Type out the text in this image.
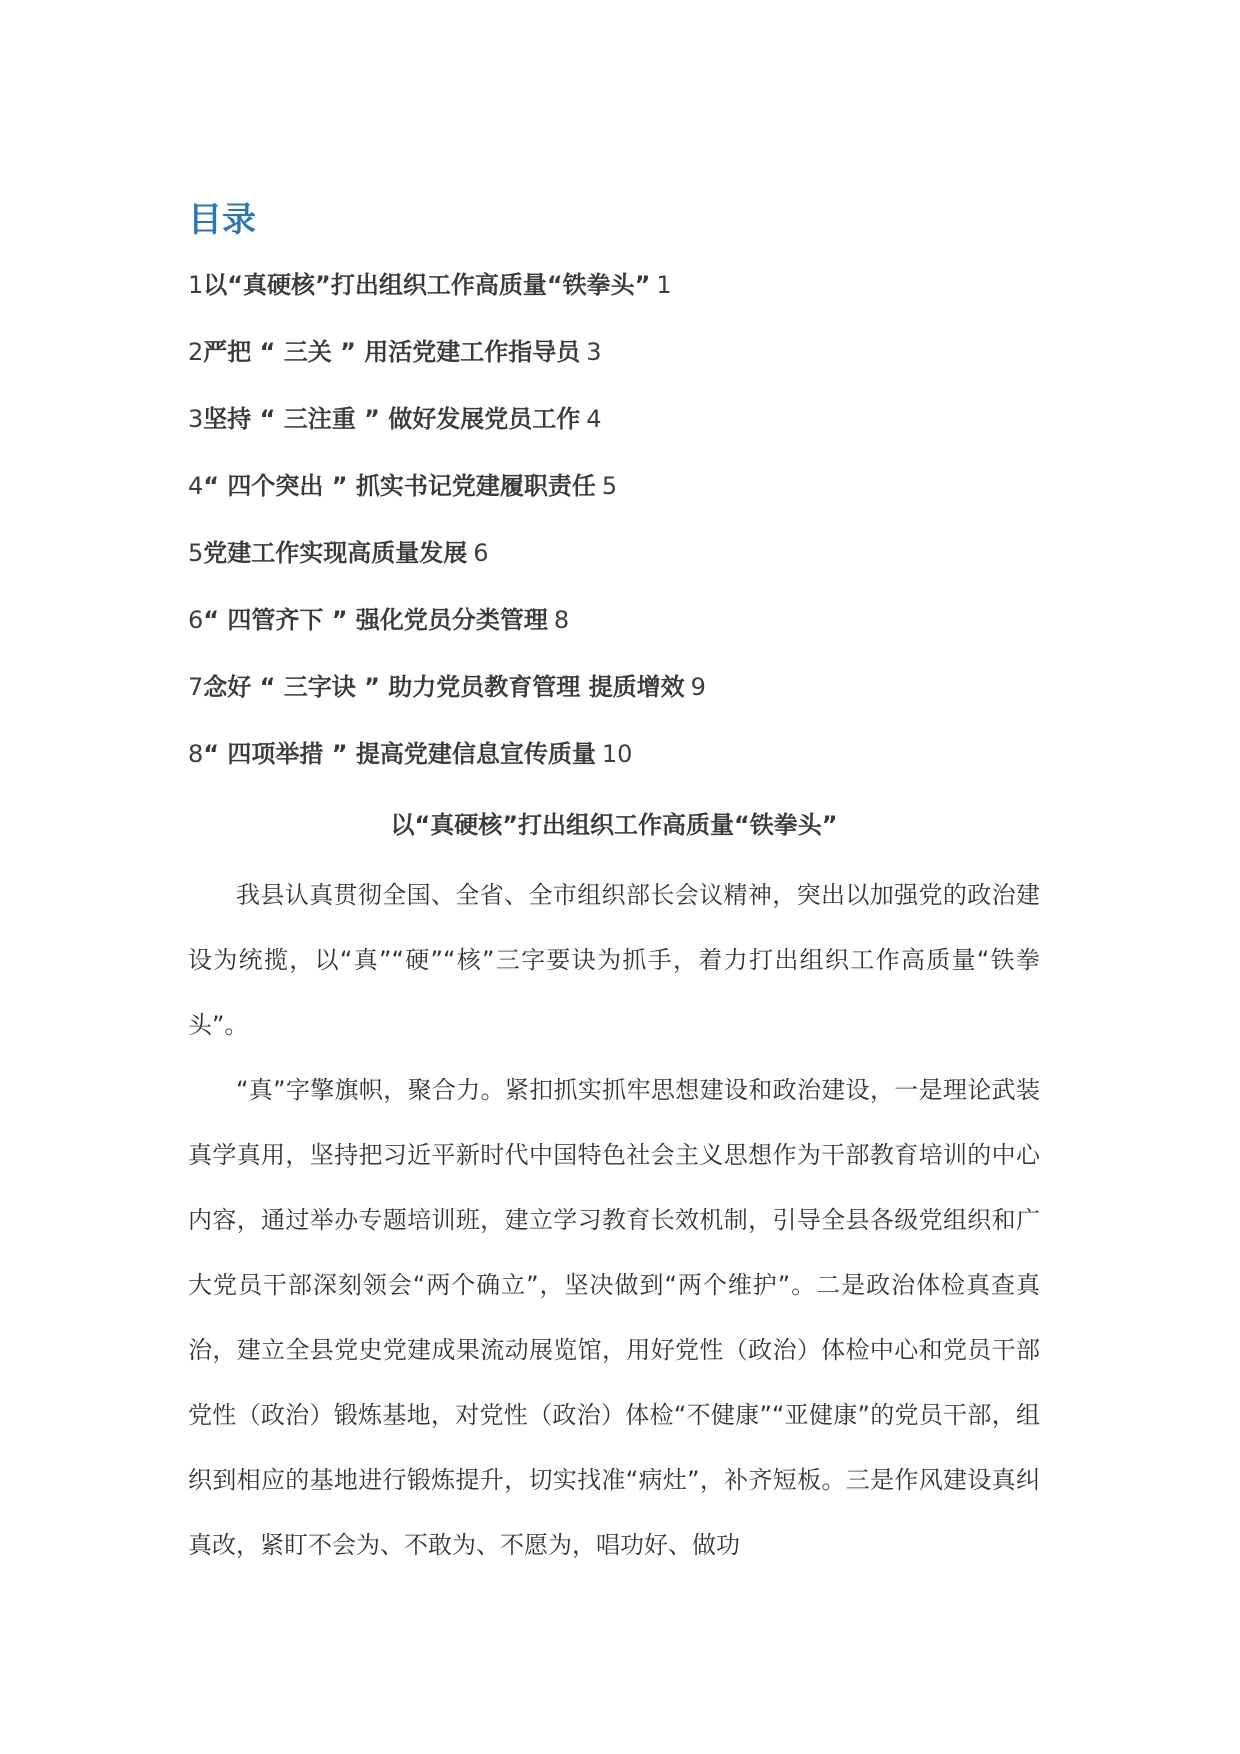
目录
1以“真硬核”打出组织工作高质量“铁拳头” 1
2严把 “ 三关 ” 用活党建工作指导员 3
3坚持 “ 三注重 ” 做好发展党员工作 4
4“ 四个突出 ” 抓实书记党建履职责任 5
5党建工作实现高质量发展 6
6“ 四管齐下 ” 强化党员分类管理 8
7念好 “ 三字诀 ” 助力党员教育管理 提质增效 9
8“ 四项举措 ” 提高党建信息宣传质量 10
以“真硬核”打出组织工作高质量“铁拳头”

我县认真贯彻全国、全省、全市组织部长会议精神，突出以加强党的政治建设为统揽，以“真”“硬”“核”三字要诀为抓手，着力打出组织工作高质量“铁拳头”。

“真”字擎旗帜，聚合力。紧扣抓实抓牢思想建设和政治建设，一是理论武装真学真用，坚持把习近平新时代中国特色社会主义思想作为干部教育培训的中心内容，通过举办专题培训班，建立学习教育长效机制，引导全县各级党组织和广大党员干部深刻领会“两个确立”，坚决做到“两个维护”。二是政治体检真查真治，建立全县党史党建成果流动展览馆，用好党性（政治）体检中心和党员干部党性（政治）锻炼基地，对党性（政治）体检“不健康”“亚健康”的党员干部，组织到相应的基地进行锻炼提升，切实找准“病灶”，补齐短板。三是作风建设真纠真改，紧盯不会为、不敢为、不愿为，唱功好、做功
